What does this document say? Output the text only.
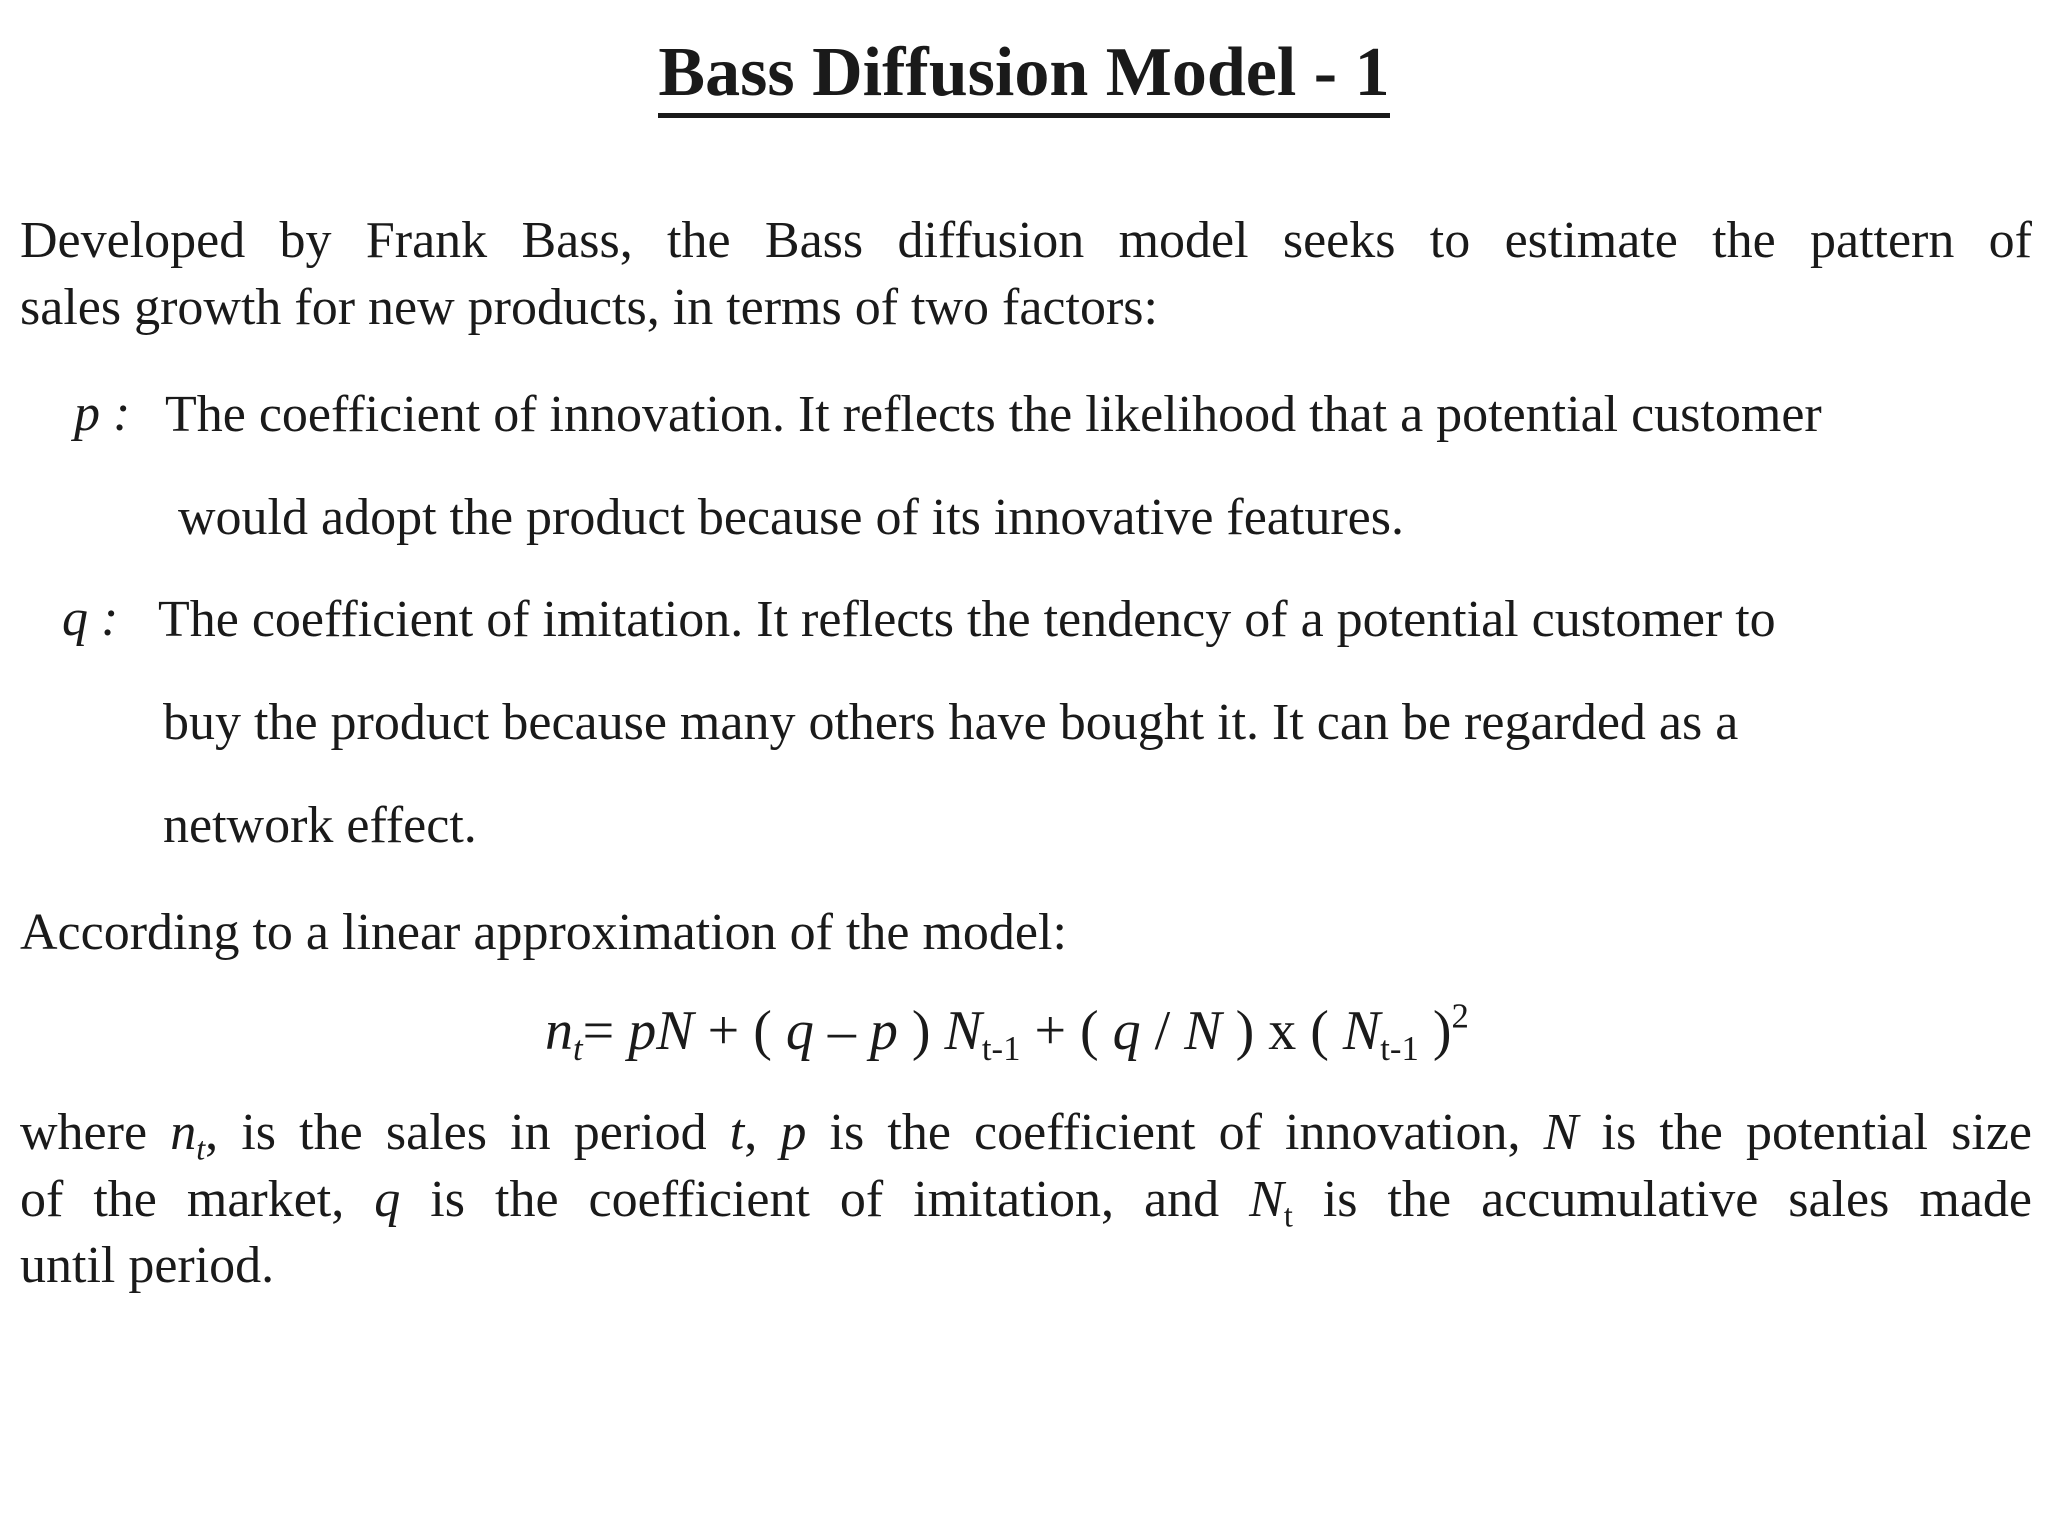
Bass Diffusion Model - 1
Developed by Frank Bass, the Bass diffusion model seeks to estimate the pattern of
sales growth for new products, in terms of two factors:
p : The coefficient of innovation. It reflects the likelihood that a potential customer
would adopt the product because of its innovative features.
q : The coefficient of imitation. It reflects the tendency of a potential customer to
buy the product because many others have bought it. It can be regarded as a
network effect.
According to a linear approximation of the model:
$n_t=$ pN + ( q – p ) $N_{t-1}$ + ( q / N ) x ( $N_{t-1}$ )$^2$
where $n_t$, is the sales in period t, p is the coefficient of innovation, N is the potential size
of the market, q is the coefficient of imitation, and $N_t$ is the accumulative sales made
until period.
